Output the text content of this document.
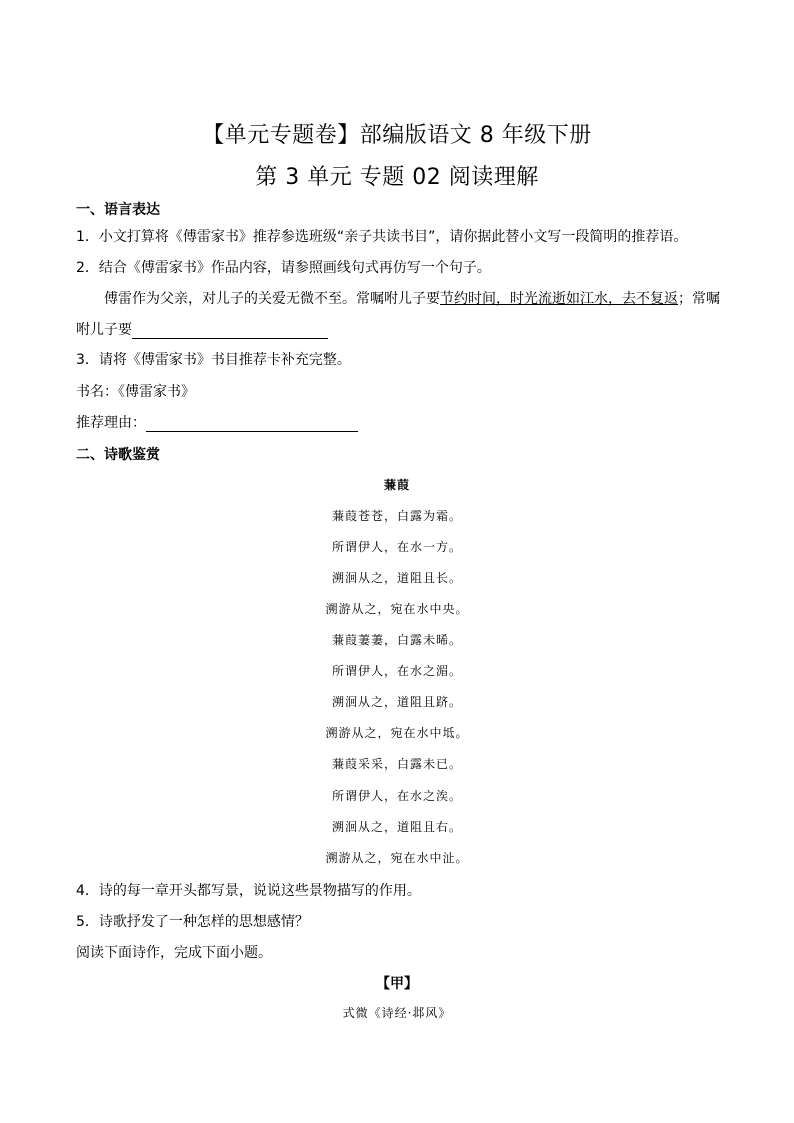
【单元专题卷】部编版语文 8 年级下册
第 3 单元 专题 02 阅读理解
一、语言表达
1．小文打算将《傅雷家书》推荐参选班级“亲子共读书目”，请你据此替小文写一段简明的推荐语。
2．结合《傅雷家书》作品内容，请参照画线句式再仿写一个句子。
傅雷作为父亲，对儿子的关爱无微不至。常嘱咐儿子要节约时间，时光流逝如江水，去不复返；常嘱
咐儿子要
3．请将《傅雷家书》书目推荐卡补充完整。
书名：《傅雷家书》
推荐理由：
二、诗歌鉴赏
蒹葭
蒹葭苍苍，白露为霜。
所谓伊人，在水一方。
溯洄从之，道阻且长。
溯游从之，宛在水中央。
蒹葭萋萋，白露未晞。
所谓伊人，在水之湄。
溯洄从之，道阻且跻。
溯游从之，宛在水中坻。
蒹葭采采，白露未已。
所谓伊人，在水之涘。
溯洄从之，道阻且右。
溯游从之，宛在水中沚。
4．诗的每一章开头都写景，说说这些景物描写的作用。
5．诗歌抒发了一种怎样的思想感情？
阅读下面诗作，完成下面小题。
【甲】
式微《诗经·邶风》
